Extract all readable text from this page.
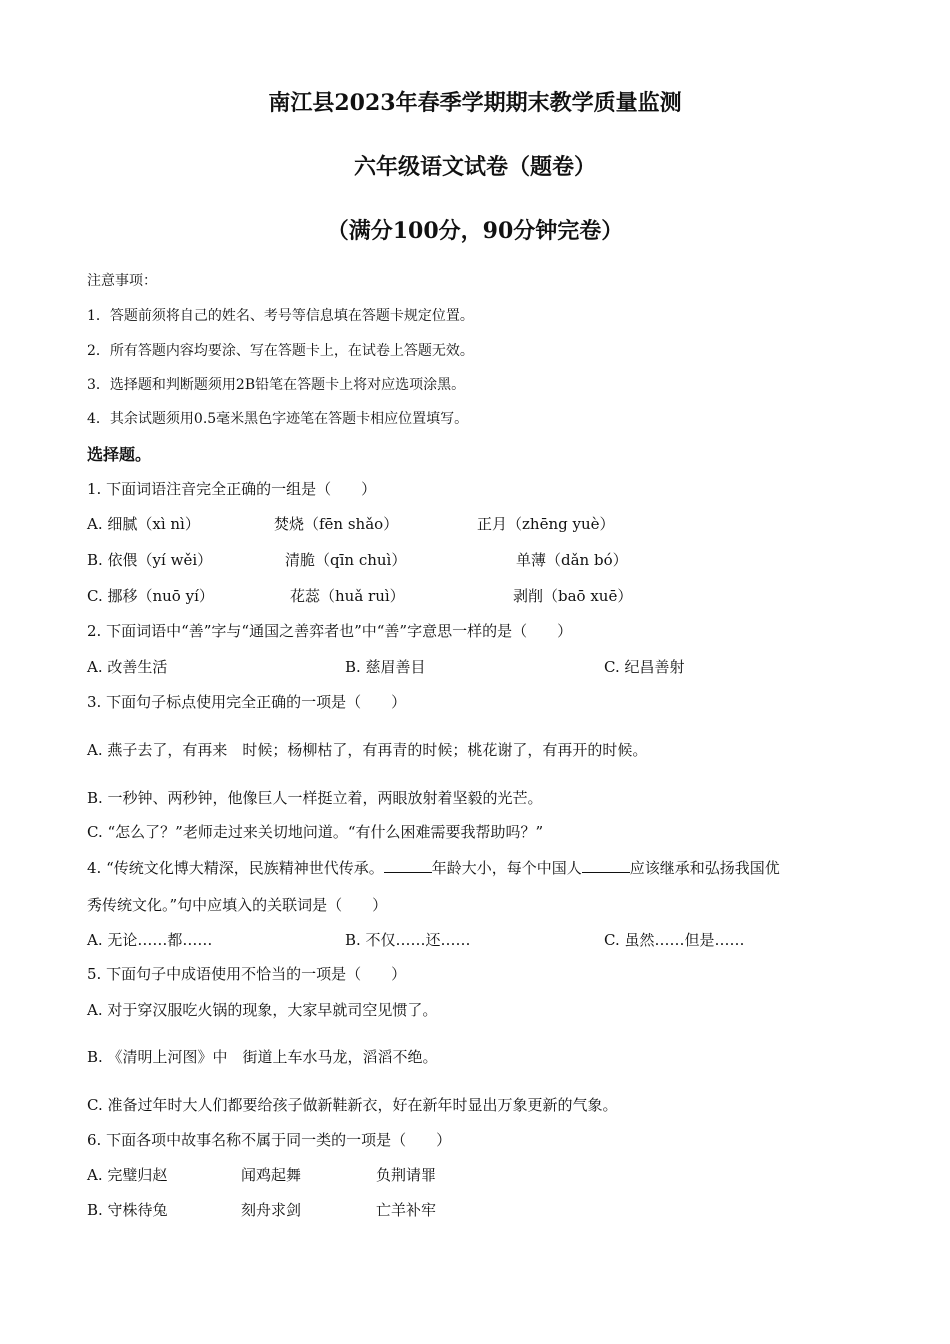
南江县2023年春季学期期末教学质量监测
六年级语文试卷（题卷）
（满分100分，90分钟完卷）
注意事项：
1．答题前须将自己的姓名、考号等信息填在答题卡规定位置。
2．所有答题内容均要涂、写在答题卡上，在试卷上答题无效。
3．选择题和判断题须用2B铅笔在答题卡上将对应选项涂黑。
4．其余试题须用0.5毫米黑色字迹笔在答题卡相应位置填写。
选择题。
1. 下面词语注音完全正确的一组是（　　）
A. 细腻（xì nì）	焚烧（fēn shǎo）	正月（zhēng yuè）
B. 依偎（yí wěi）	清脆（qīn chuì）	单薄（dǎn bó）
C. 挪移（nuō yí）	花蕊（huǎ ruì）	剥削（baō xuē）
2. 下面词语中“善”字与“通国之善弈者也”中“善”字意思一样的是（　　）
A. 改善生活	B. 慈眉善目	C. 纪昌善射
3. 下面句子标点使用完全正确的一项是（　　）
A. 燕子去了，有再来　时候；杨柳枯了，有再青的时候；桃花谢了，有再开的时候。
B. 一秒钟、两秒钟，他像巨人一样挺立着，两眼放射着坚毅的光芒。
C. “怎么了？”老师走过来关切地问道。“有什么困难需要我帮助吗？”
4. “传统文化博大精深，民族精神世代传承。	年龄大小，每个中国人	应该继承和弘扬我国优
秀传统文化。”句中应填入的关联词是（　　）
A. 无论……都……	B. 不仅……还……	C. 虽然……但是……
5. 下面句子中成语使用不恰当的一项是（　　）
A. 对于穿汉服吃火锅的现象，大家早就司空见惯了。
B. 《清明上河图》中　街道上车水马龙，滔滔不绝。
C. 准备过年时大人们都要给孩子做新鞋新衣，好在新年时显出万象更新的气象。
6. 下面各项中故事名称不属于同一类的一项是（　　）
A. 完璧归赵	闻鸡起舞	负荆请罪
B. 守株待兔	刻舟求剑	亡羊补牢
